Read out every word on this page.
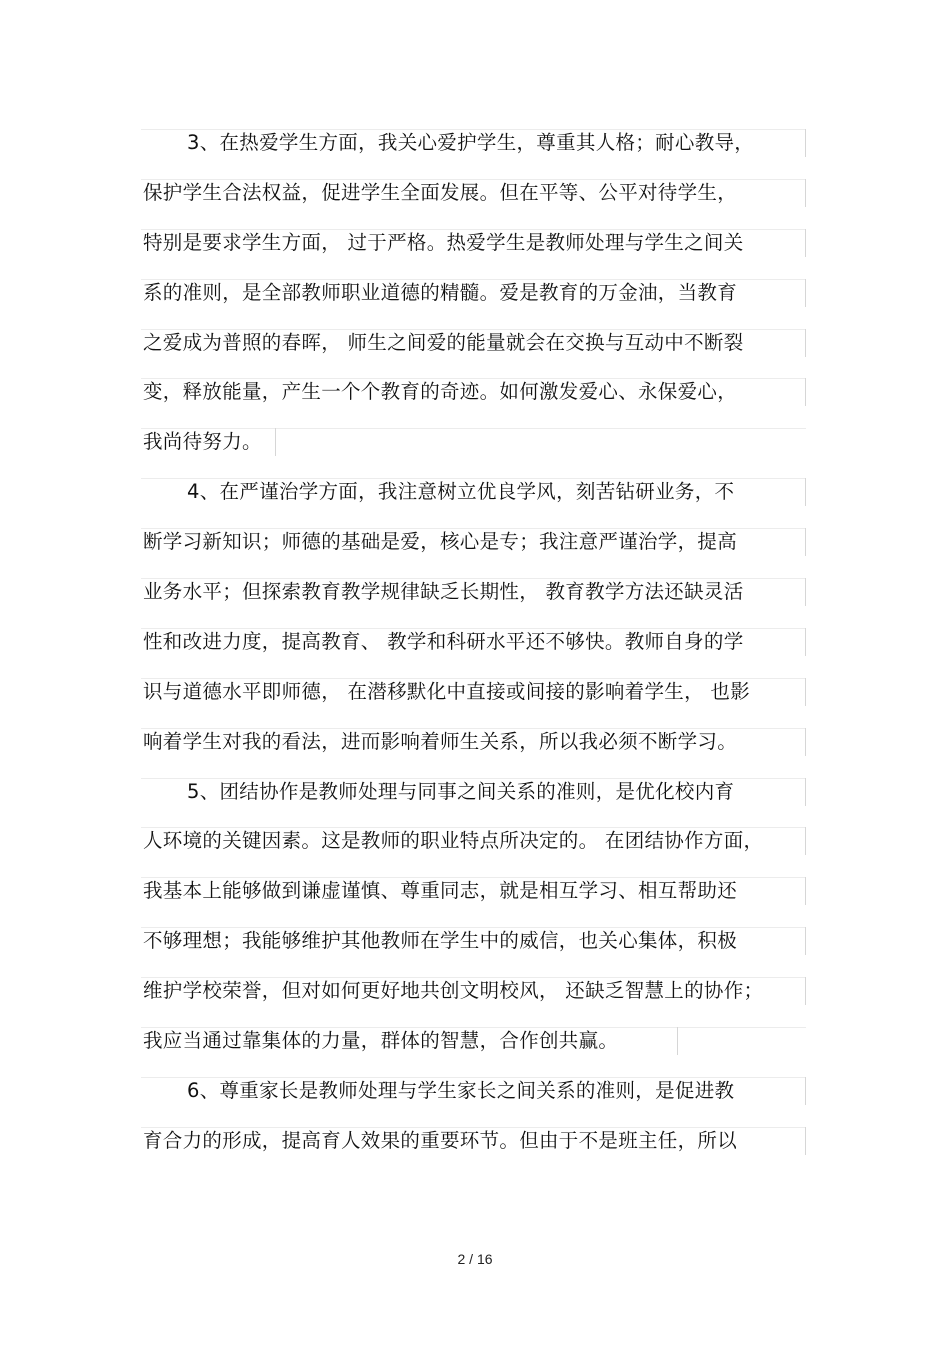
3、在热爱学生方面，我关心爱护学生，尊重其人格；耐心教导，
保护学生合法权益，促进学生全面发展。但在平等、公平对待学生，
特别是要求学生方面， 过于严格。热爱学生是教师处理与学生之间关
系的准则，是全部教师职业道德的精髓。爱是教育的万金油，当教育
之爱成为普照的春晖， 师生之间爱的能量就会在交换与互动中不断裂
变，释放能量，产生一个个教育的奇迹。如何激发爱心、永保爱心，
我尚待努力。
4、在严谨治学方面，我注意树立优良学风，刻苦钻研业务，不
断学习新知识；师德的基础是爱，核心是专；我注意严谨治学，提高
业务水平；但探索教育教学规律缺乏长期性， 教育教学方法还缺灵活
性和改进力度，提高教育、 教学和科研水平还不够快。教师自身的学
识与道德水平即师德， 在潜移默化中直接或间接的影响着学生， 也影
响着学生对我的看法，进而影响着师生关系，所以我必须不断学习。
5、团结协作是教师处理与同事之间关系的准则，是优化校内育
人环境的关键因素。这是教师的职业特点所决定的。 在团结协作方面，
我基本上能够做到谦虚谨慎、尊重同志，就是相互学习、相互帮助还
不够理想；我能够维护其他教师在学生中的威信，也关心集体，积极
维护学校荣誉，但对如何更好地共创文明校风， 还缺乏智慧上的协作；
我应当通过靠集体的力量，群体的智慧，合作创共赢。
6、尊重家长是教师处理与学生家长之间关系的准则，是促进教
育合力的形成，提高育人效果的重要环节。但由于不是班主任，所以
2 / 16
